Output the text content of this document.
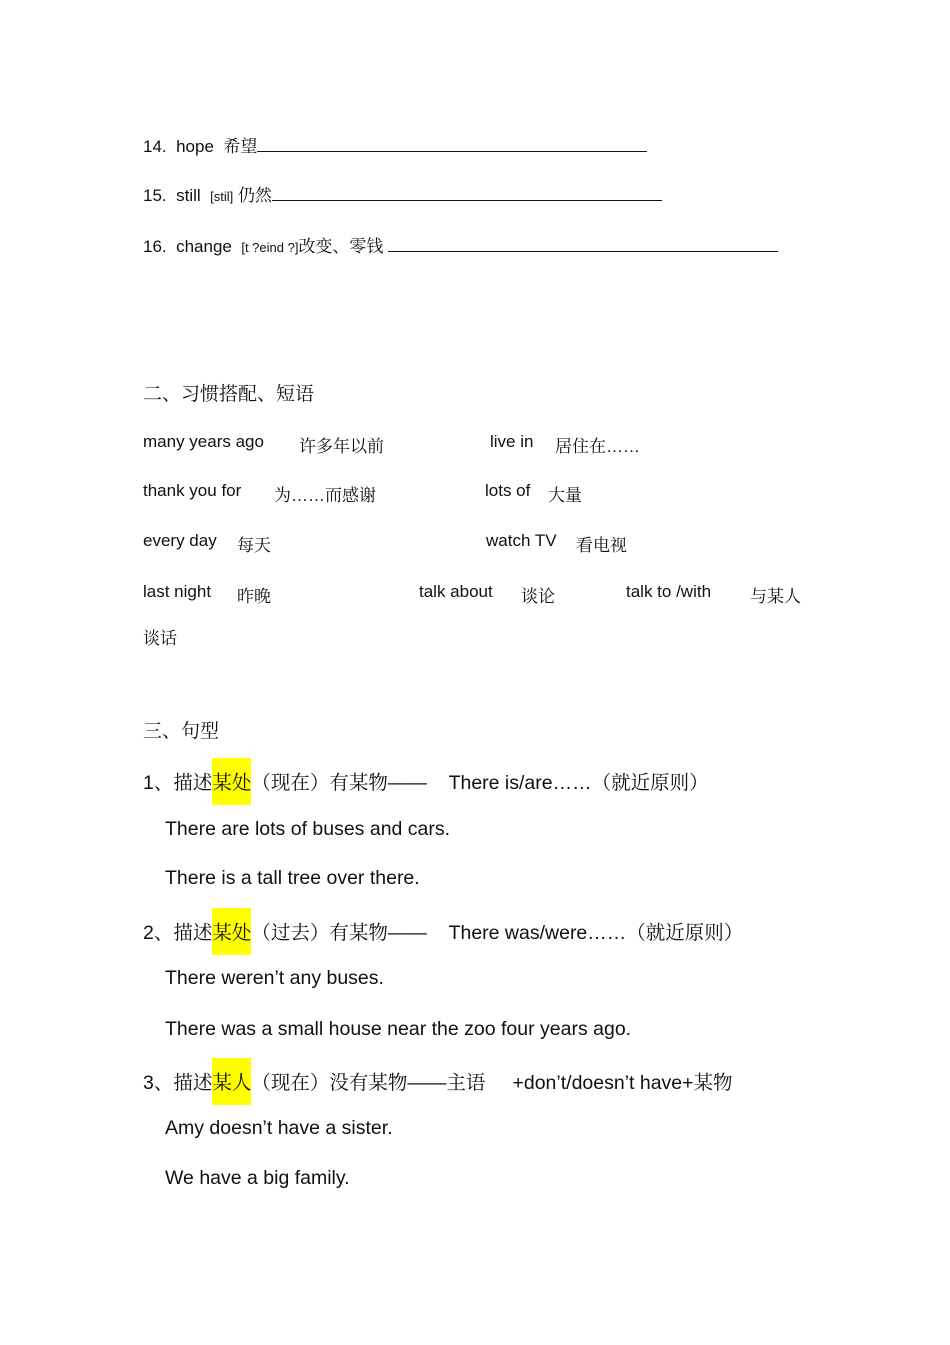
14. hope 希望
15. still [stil] 仍然
16. change [t ?eind ?]改变、零钱
二、习惯搭配、短语
many years ago 许多年以前	live in 居住在……
thank you for 为……而感谢	lots of 大量
every day 每天	watch TV 看电视
last night 昨晚	talk about 谈论	talk to /with 与某人
谈话
三、句型
1、描述某处（现在）有某物—— There is/are……（就近原则）
There are lots of buses and cars.
There is a tall tree over there.
2、描述某处（过去）有某物—— There was/were……（就近原则）
There weren’t any buses.
There was a small house near the zoo four years ago.
3、描述某人（现在）没有某物——主语 +don’t/doesn’t have+某物
Amy doesn’t have a sister.
We have a big family.
